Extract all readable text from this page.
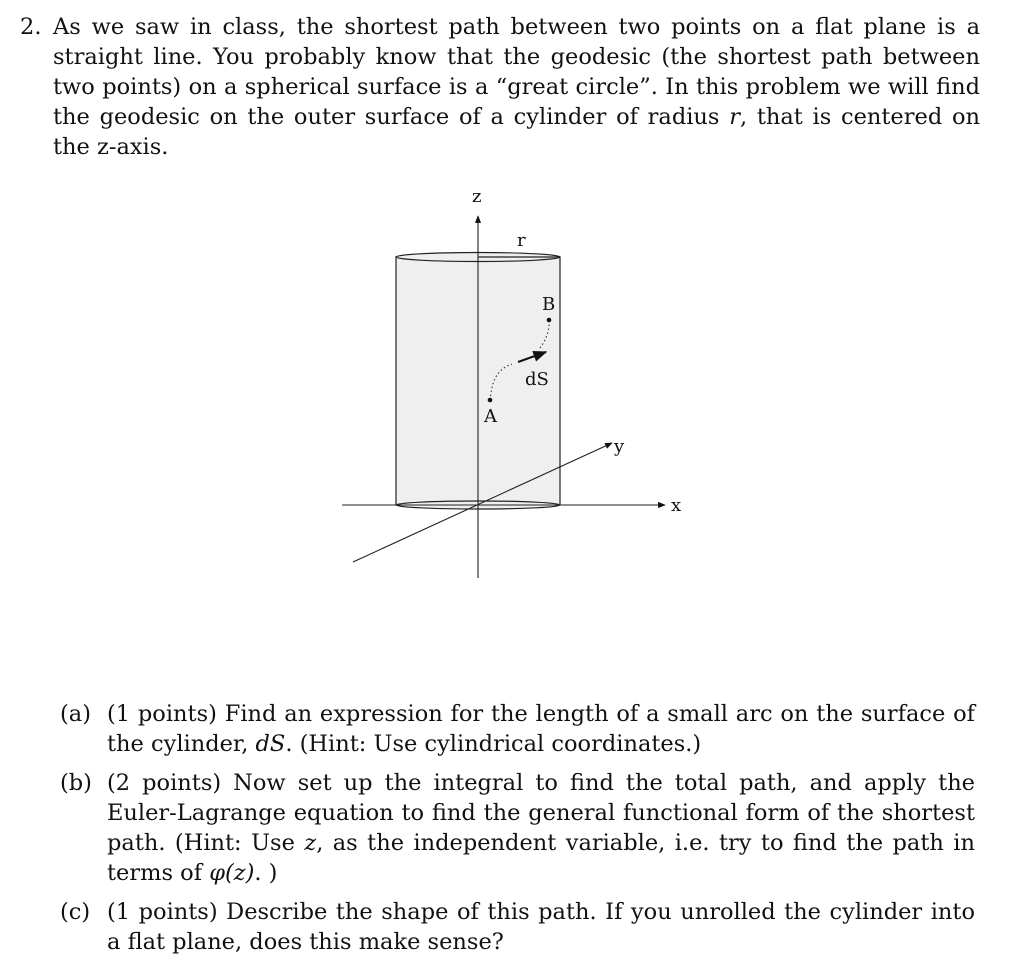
2. As we saw in class, the shortest path between two points on a flat plane is a straight line. You probably know that the geodesic (the shortest path between two points) on a spherical surface is a “great circle”. In this problem we will find the geodesic on the outer surface of a cylinder of radius r, that is centered on the z-axis.
z
r
B
dS
A
y
x
(a) (1 points) Find an expression for the length of a small arc on the surface of the cylinder, dS. (Hint: Use cylindrical coordinates.)
(b) (2 points) Now set up the integral to find the total path, and apply the Euler-Lagrange equation to find the general functional form of the shortest path. (Hint: Use z, as the independent variable, i.e. try to find the path in terms of φ(z). )
(c) (1 points) Describe the shape of this path. If you unrolled the cylinder into a flat plane, does this make sense?
